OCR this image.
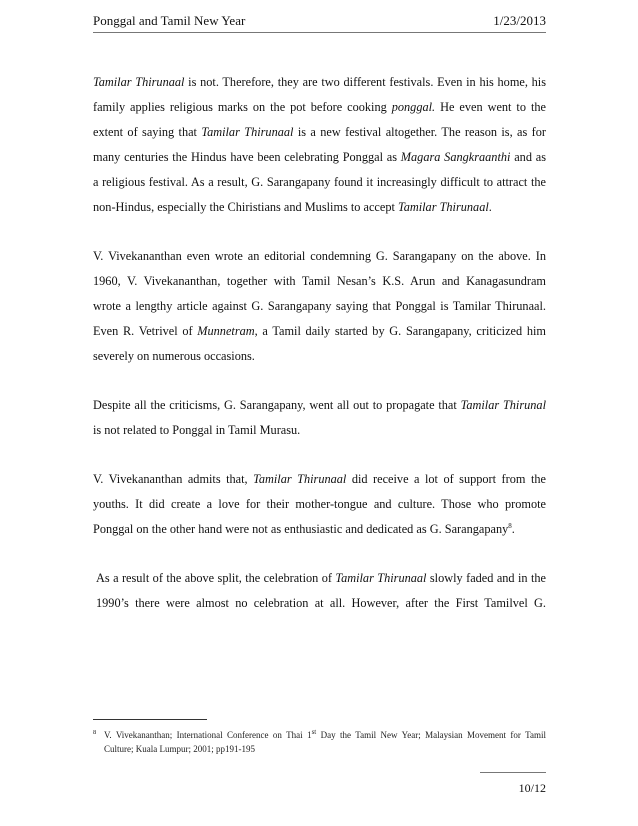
Ponggal and Tamil New Year	1/23/2013
Tamilar Thirunaal is not. Therefore, they are two different festivals. Even in his home, his
family applies religious marks on the pot before cooking ponggal. He even went to the
extent of saying that Tamilar Thirunaal is a new festival altogether. The reason is, as for
many centuries the Hindus have been celebrating Ponggal as Magara Sangkraanthi and as
a religious festival. As a result, G. Sarangapany found it increasingly difficult to attract the
non-Hindus, especially the Chiristians and Muslims to accept Tamilar Thirunaal.
V. Vivekananthan even wrote an editorial condemning G. Sarangapany on the above. In
1960, V. Vivekananthan, together with Tamil Nesan’s K.S. Arun and Kanagasundram
wrote a lengthy article against G. Sarangapany saying that Ponggal is Tamilar Thirunaal.
Even R. Vetrivel of Munnetram, a Tamil daily started by G. Sarangapany, criticized him
severely on numerous occasions.
Despite all the criticisms, G. Sarangapany, went all out to propagate that Tamilar Thirunal
is not related to Ponggal in Tamil Murasu.
V. Vivekananthan admits that, Tamilar Thirunaal did receive a lot of support from the
youths. It did create a love for their mother-tongue and culture. Those who promote
Ponggal on the other hand were not as enthusiastic and dedicated as G. Sarangapany$^8$.
As a result of the above split, the celebration of Tamilar Thirunaal slowly faded and in the
1990’s there were almost no celebration at all. However, after the First Tamilvel G.
8 V. Vivekananthan; International Conference on Thai 1st Day the Tamil New Year; Malaysian Movement for Tamil
Culture; Kuala Lumpur; 2001; pp191-195
10/12
